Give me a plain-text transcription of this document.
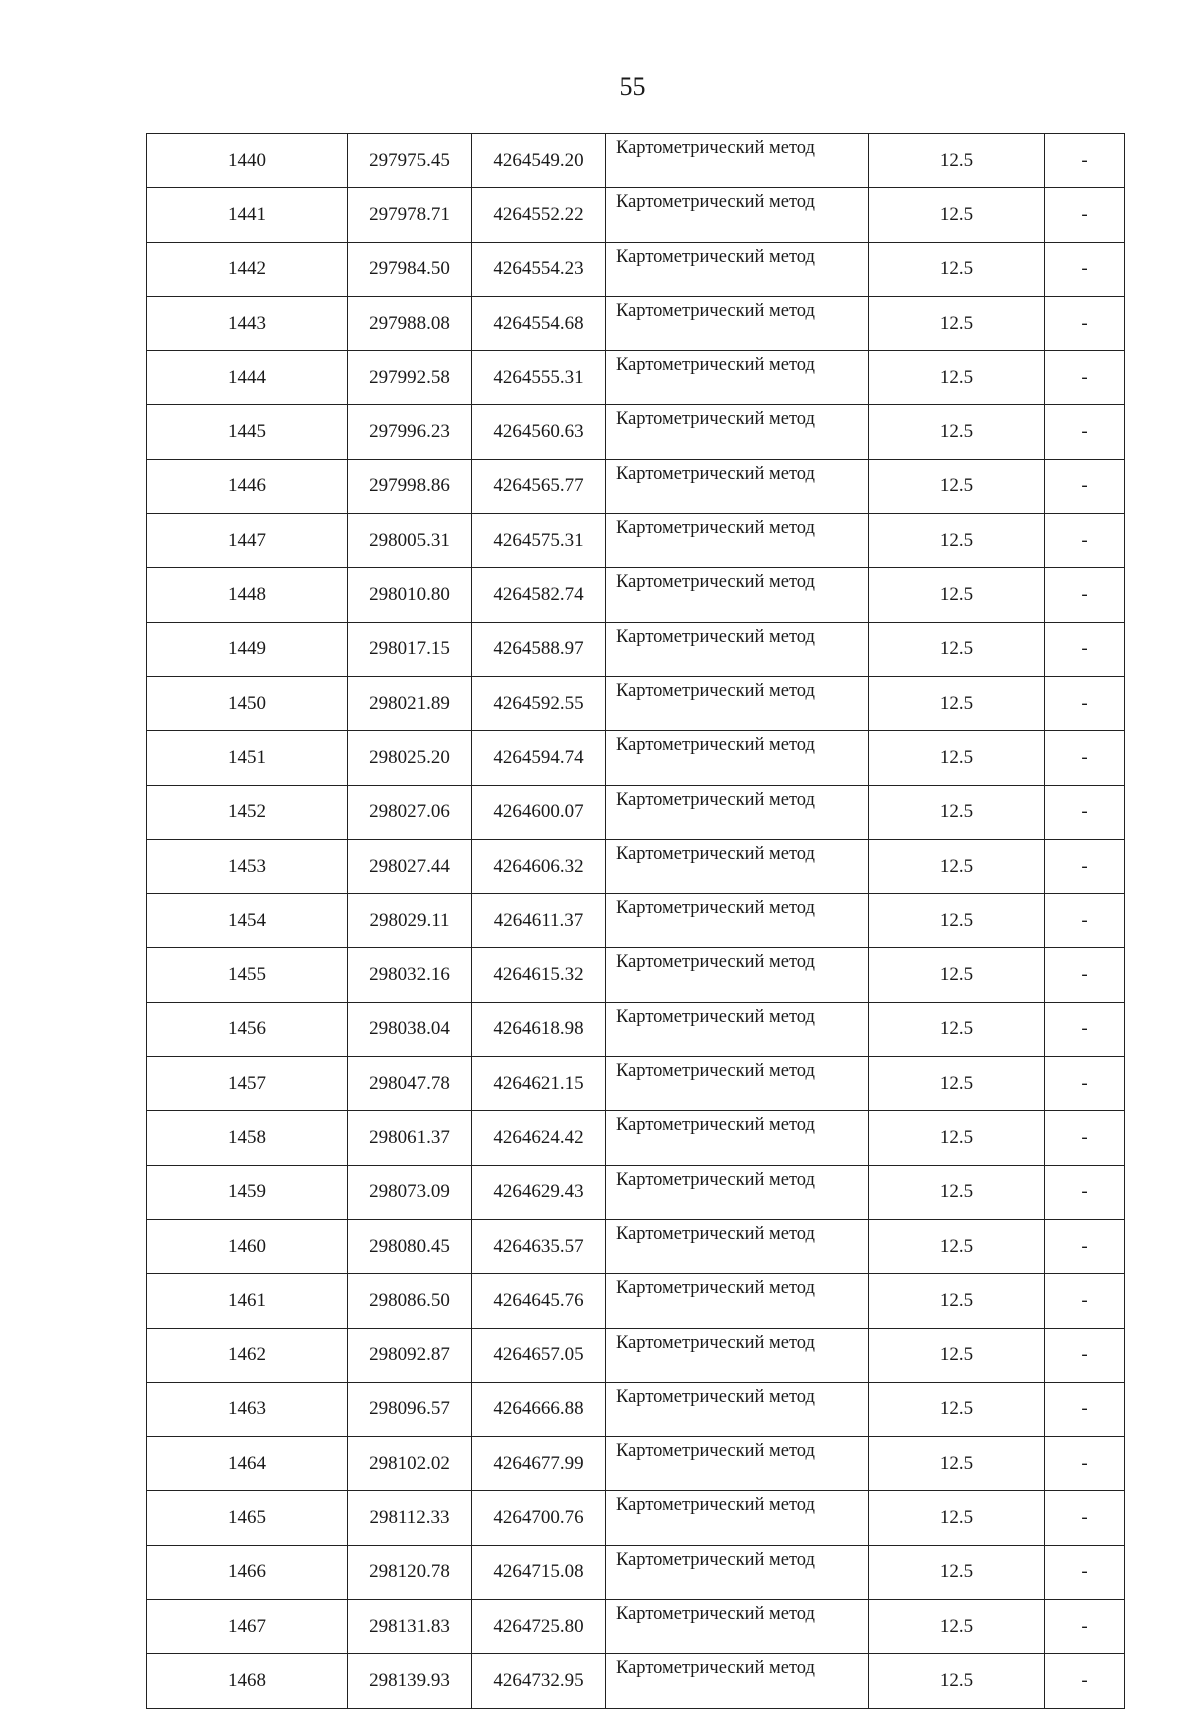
55
1440	297975.45	4264549.20	Картометрический метод	12.5	-
1441	297978.71	4264552.22	Картометрический метод	12.5	-
1442	297984.50	4264554.23	Картометрический метод	12.5	-
1443	297988.08	4264554.68	Картометрический метод	12.5	-
1444	297992.58	4264555.31	Картометрический метод	12.5	-
1445	297996.23	4264560.63	Картометрический метод	12.5	-
1446	297998.86	4264565.77	Картометрический метод	12.5	-
1447	298005.31	4264575.31	Картометрический метод	12.5	-
1448	298010.80	4264582.74	Картометрический метод	12.5	-
1449	298017.15	4264588.97	Картометрический метод	12.5	-
1450	298021.89	4264592.55	Картометрический метод	12.5	-
1451	298025.20	4264594.74	Картометрический метод	12.5	-
1452	298027.06	4264600.07	Картометрический метод	12.5	-
1453	298027.44	4264606.32	Картометрический метод	12.5	-
1454	298029.11	4264611.37	Картометрический метод	12.5	-
1455	298032.16	4264615.32	Картометрический метод	12.5	-
1456	298038.04	4264618.98	Картометрический метод	12.5	-
1457	298047.78	4264621.15	Картометрический метод	12.5	-
1458	298061.37	4264624.42	Картометрический метод	12.5	-
1459	298073.09	4264629.43	Картометрический метод	12.5	-
1460	298080.45	4264635.57	Картометрический метод	12.5	-
1461	298086.50	4264645.76	Картометрический метод	12.5	-
1462	298092.87	4264657.05	Картометрический метод	12.5	-
1463	298096.57	4264666.88	Картометрический метод	12.5	-
1464	298102.02	4264677.99	Картометрический метод	12.5	-
1465	298112.33	4264700.76	Картометрический метод	12.5	-
1466	298120.78	4264715.08	Картометрический метод	12.5	-
1467	298131.83	4264725.80	Картометрический метод	12.5	-
1468	298139.93	4264732.95	Картометрический метод	12.5	-
